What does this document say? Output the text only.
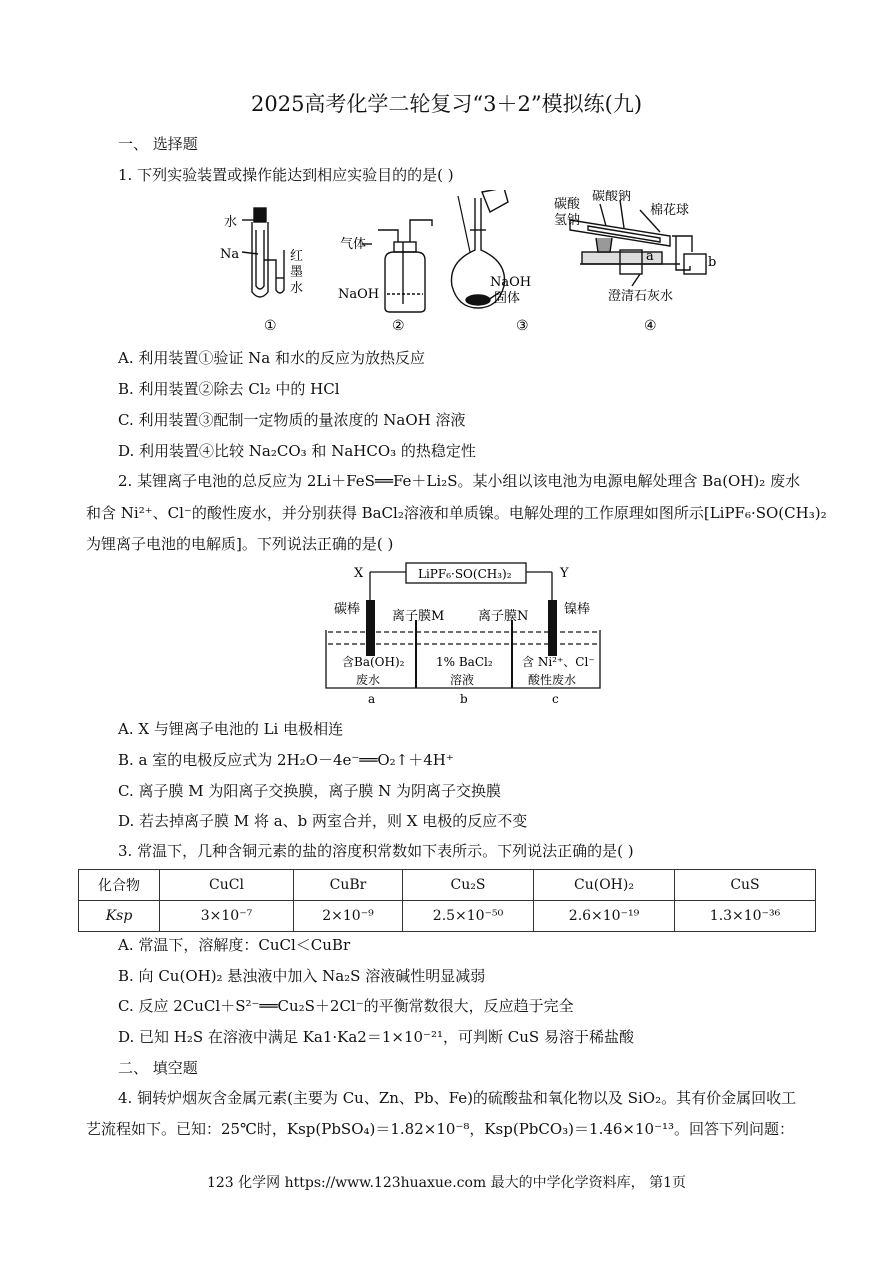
2025高考化学二轮复习“3＋2”模拟练(九)
一、 选择题
1. 下列实验装置或操作能达到相应实验目的的是( )
水
Na	红
墨
水
气体
NaOH
NaOH
固体
碳酸
氢钠
碳酸钠
棉花球
a	b
澄清石灰水
①	②	③	④
A. 利用装置①验证 Na 和水的反应为放热反应
B. 利用装置②除去 Cl₂ 中的 HCl
C. 利用装置③配制一定物质的量浓度的 NaOH 溶液
D. 利用装置④比较 Na₂CO₃ 和 NaHCO₃ 的热稳定性
2. 某锂离子电池的总反应为 2Li＋FeS══Fe＋Li₂S。某小组以该电池为电源电解处理含 Ba(OH)₂ 废水
和含 Ni²⁺、Cl⁻的酸性废水，并分别获得 BaCl₂溶液和单质镍。电解处理的工作原理如图所示[LiPF₆·SO(CH₃)₂
为锂离子电池的电解质]。下列说法正确的是( )
X	Y
LiPF₆·SO(CH₃)₂
碳棒	镍棒
离子膜M	离子膜N
含Ba(OH)₂
废水
1% BaCl₂
溶液
含 Ni²⁺、Cl⁻
酸性废水
a	b	c
A. X 与锂离子电池的 Li 电极相连
B. a 室的电极反应式为 2H₂O－4e⁻══O₂↑＋4H⁺
C. 离子膜 M 为阳离子交换膜，离子膜 N 为阴离子交换膜
D. 若去掉离子膜 M 将 a、b 两室合并，则 X 电极的反应不变
3. 常温下，几种含铜元素的盐的溶度积常数如下表所示。下列说法正确的是( )
化合物	CuCl	CuBr	Cu₂S	Cu(OH)₂	CuS
Ksp	3×10⁻⁷	2×10⁻⁹	2.5×10⁻⁵⁰	2.6×10⁻¹⁹	1.3×10⁻³⁶
A. 常温下，溶解度：CuCl＜CuBr
B. 向 Cu(OH)₂ 悬浊液中加入 Na₂S 溶液碱性明显减弱
C. 反应 2CuCl＋S²⁻══Cu₂S＋2Cl⁻的平衡常数很大，反应趋于完全
D. 已知 H₂S 在溶液中满足 Ka1·Ka2＝1×10⁻²¹，可判断 CuS 易溶于稀盐酸
二、 填空题
4. 铜转炉烟灰含金属元素(主要为 Cu、Zn、Pb、Fe)的硫酸盐和氧化物以及 SiO₂。其有价金属回收工
艺流程如下。已知：25℃时，Ksp(PbSO₄)＝1.82×10⁻⁸，Ksp(PbCO₃)＝1.46×10⁻¹³。回答下列问题：
123 化学网 https://www.123huaxue.com 最大的中学化学资料库， 第1页
